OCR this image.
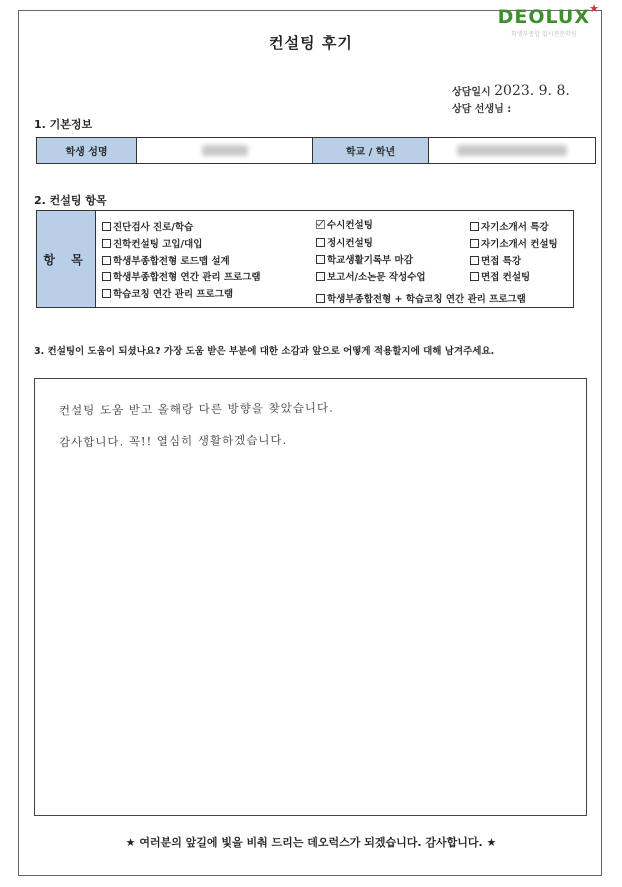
DEOLUX ★
학생부종합 입시전문학원
컨설팅 후기
상담일시 2023. 9. 8.
상담 선생님 :
1. 기본정보
학생 성명	학교 / 학년
2. 컨설팅 항목
항 목
진단검사 진로/학습
진학컨설팅 고입/대입
학생부종합전형 로드맵 설계
학생부종합전형 연간 관리 프로그램
학습코칭 연간 관리 프로그램
수시컨설팅
정시컨설팅
학교생활기록부 마감
보고서/소논문 작성수업
학생부종합전형 + 학습코칭 연간 관리 프로그램
자기소개서 특강
자기소개서 컨설팅
면접 특강
면접 컨설팅
3. 컨설팅이 도움이 되셨나요? 가장 도움 받은 부분에 대한 소감과 앞으로 어떻게 적용할지에 대해 남겨주세요.
컨설팅 도움 받고 올해랑 다른 방향을 찾았습니다.
감사합니다. 꼭!! 열심히 생활하겠습니다.
★ 여러분의 앞길에 빛을 비춰 드리는 데오럭스가 되겠습니다. 감사합니다. ★
